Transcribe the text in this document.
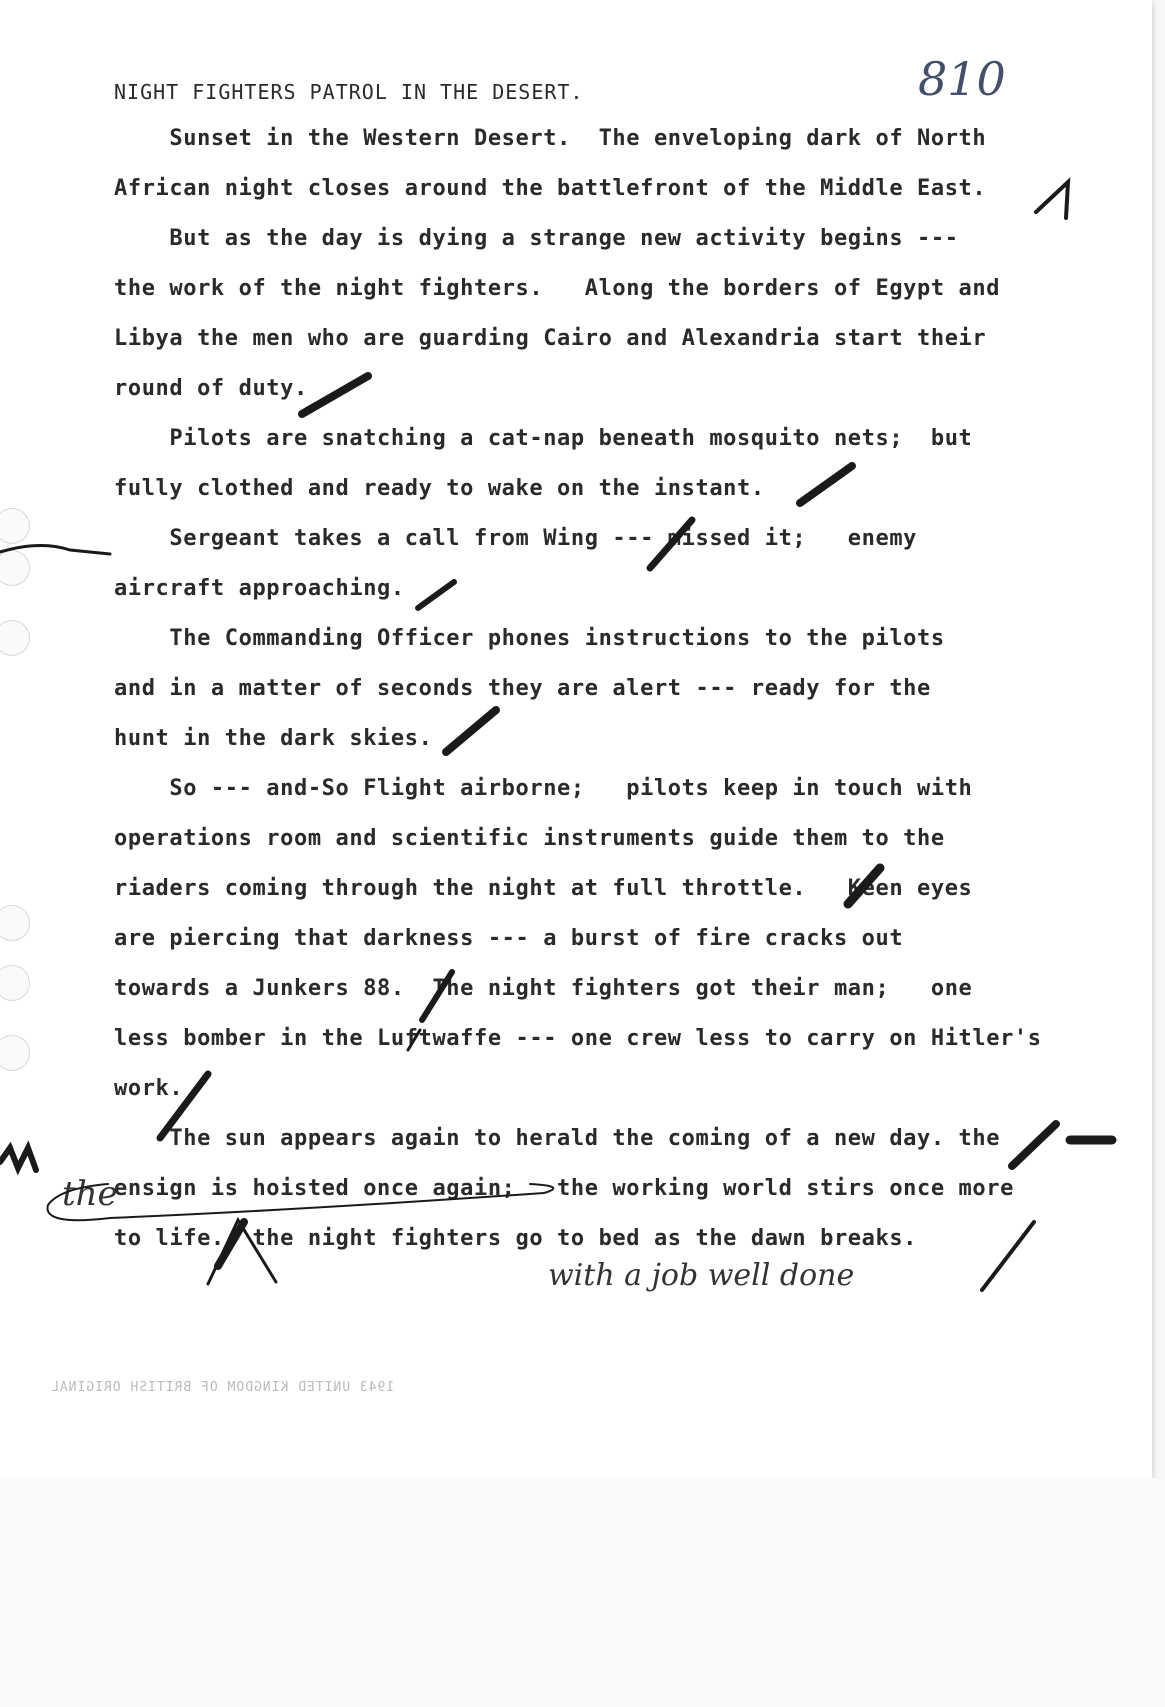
810
NIGHT FIGHTERS PATROL IN THE DESERT.
Sunset in the Western Desert.  The enveloping dark of North
African night closes around the battlefront of the Middle East.
But as the day is dying a strange new activity begins ---
the work of the night fighters.   Along the borders of Egypt and
Libya the men who are guarding Cairo and Alexandria start their
round of duty.
Pilots are snatching a cat-nap beneath mosquito nets;  but
fully clothed and ready to wake on the instant.
Sergeant takes a call from Wing --- missed it;   enemy
aircraft approaching.
The Commanding Officer phones instructions to the pilots
and in a matter of seconds they are alert --- ready for the
hunt in the dark skies.
So --- and-So Flight airborne;   pilots keep in touch with
operations room and scientific instruments guide them to the
riaders coming through the night at full throttle.   Keen eyes
are piercing that darkness --- a burst of fire cracks out
towards a Junkers 88.  The night fighters got their man;   one
less bomber in the Luftwaffe --- one crew less to carry on Hitler's
work.
The sun appears again to herald the coming of a new day. the
ensign is hoisted once again;   the working world stirs once more
to life.  the night fighters go to bed as the dawn breaks.
the
with a job well done
1943 UNITED KINGDOM OF BRITISH ORIGINAL
